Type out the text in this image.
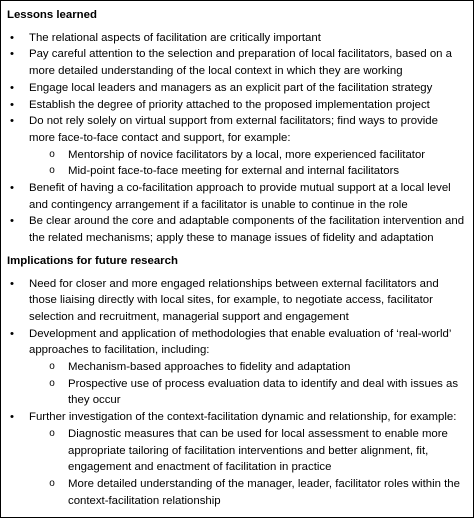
Lessons learned
• The relational aspects of facilitation are critically important
• Pay careful attention to the selection and preparation of local facilitators, based on a more detailed understanding of the local context in which they are working
• Engage local leaders and managers as an explicit part of the facilitation strategy
• Establish the degree of priority attached to the proposed implementation project
• Do not rely solely on virtual support from external facilitators; find ways to provide more face-to-face contact and support, for example:
o Mentorship of novice facilitators by a local, more experienced facilitator
o Mid-point face-to-face meeting for external and internal facilitators
• Benefit of having a co-facilitation approach to provide mutual support at a local level and contingency arrangement if a facilitator is unable to continue in the role
• Be clear around the core and adaptable components of the facilitation intervention and the related mechanisms; apply these to manage issues of fidelity and adaptation
Implications for future research
• Need for closer and more engaged relationships between external facilitators and those liaising directly with local sites, for example, to negotiate access, facilitator selection and recruitment, managerial support and engagement
• Development and application of methodologies that enable evaluation of ‘real-world’ approaches to facilitation, including:
o Mechanism-based approaches to fidelity and adaptation
o Prospective use of process evaluation data to identify and deal with issues as they occur
• Further investigation of the context-facilitation dynamic and relationship, for example:
o Diagnostic measures that can be used for local assessment to enable more appropriate tailoring of facilitation interventions and better alignment, fit, engagement and enactment of facilitation in practice
o More detailed understanding of the manager, leader, facilitator roles within the context-facilitation relationship
